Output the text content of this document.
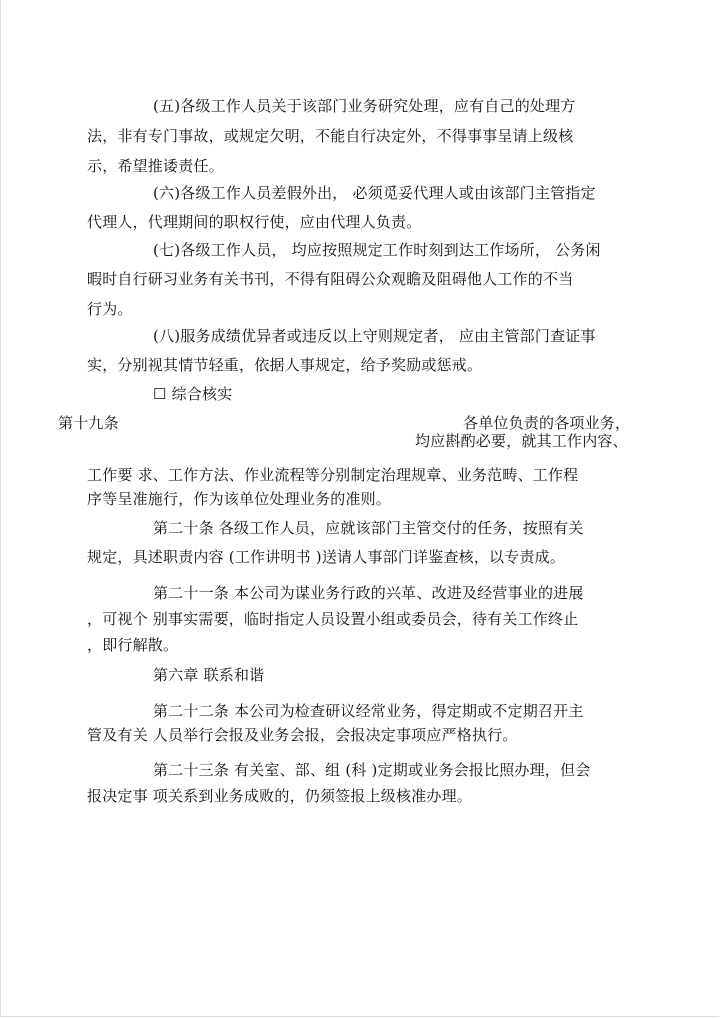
(五)各级工作人员关于该部门业务研究处理，应有自己的处理方
法，非有专门事故，或规定欠明，不能自行决定外，不得事事呈请上级核
示，希望推诿责任。
(六)各级工作人员差假外出， 必须觅妥代理人或由该部门主管指定
代理人，代理期间的职权行使，应由代理人负责。
(七)各级工作人员， 均应按照规定工作时刻到达工作场所， 公务闲
暇时自行研习业务有关书刊，不得有阻碍公众观瞻及阻碍他人工作的不当
行为。
(八)服务成绩优异者或违反以上守则规定者， 应由主管部门查证事
实，分别视其情节轻重，依据人事规定，给予奖励或惩戒。
☐ 综合核实
第十九条	各单位负责的各项业务，
均应斟酌必要，就其工作内容、
工作要 求、工作方法、作业流程等分别制定治理规章、业务范畴、工作程
序等呈准施行，作为该单位处理业务的准则。
第二十条 各级工作人员，应就该部门主管交付的任务，按照有关
规定，具述职责内容 (工作讲明书 )送请人事部门详鉴查核，以专责成。
第二十一条 本公司为谋业务行政的兴革、改进及经营事业的进展
，可视个 别事实需要，临时指定人员设置小组或委员会，待有关工作终止
，即行解散。
第六章 联系和谐
第二十二条 本公司为检查研议经常业务，得定期或不定期召开主
管及有关 人员举行会报及业务会报，会报决定事项应严格执行。
第二十三条 有关室、部、组 (科 )定期或业务会报比照办理，但会
报决定事 项关系到业务成败的，仍须签报上级核准办理。
